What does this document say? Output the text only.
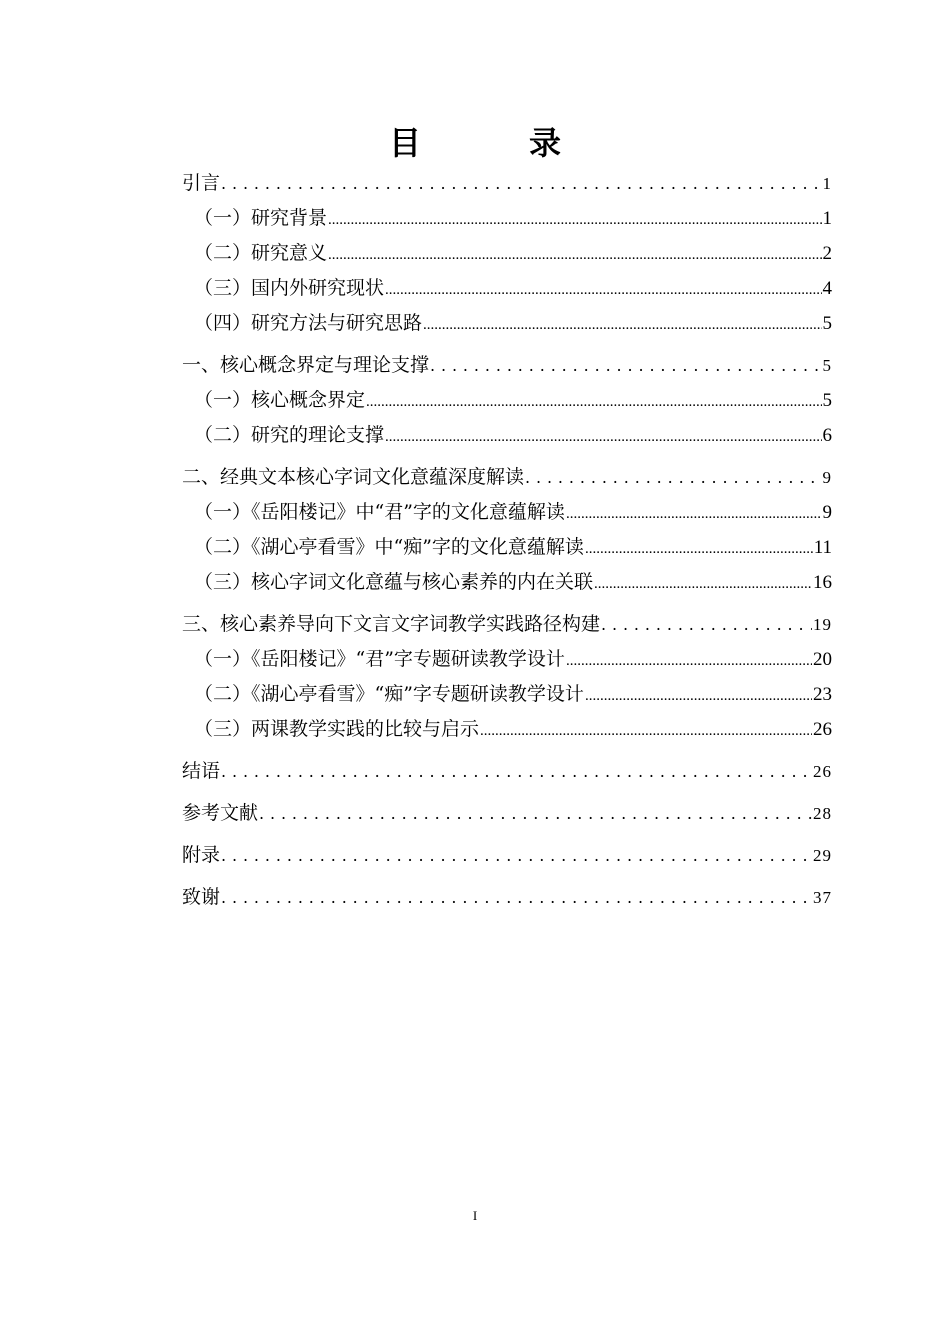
目　录
引言 . . .	1
（一）研究背景 .....	1
（二）研究意义 .....	2
（三）国内外研究现状 .....	4
（四）研究方法与研究思路 .....	5
一、核心概念界定与理论支撑 . . .	5
（一）核心概念界定 .....	5
（二）研究的理论支撑 .....	6
二、经典文本核心字词文化意蕴深度解读 . . .	9
（一）《岳阳楼记》中“君”字的文化意蕴解读 .....	9
（二）《湖心亭看雪》中“痴”字的文化意蕴解读 .....	11
（三）核心字词文化意蕴与核心素养的内在关联 .....	16
三、核心素养导向下文言文字词教学实践路径构建 . . .	19
（一）《岳阳楼记》“君”字专题研读教学设计 .....	20
（二）《湖心亭看雪》“痴”字专题研读教学设计 .....	23
（三）两课教学实践的比较与启示 .....	26
结语 . . .	26
参考文献 . . .	28
附录 . . .	29
致谢 . . .	37
I
